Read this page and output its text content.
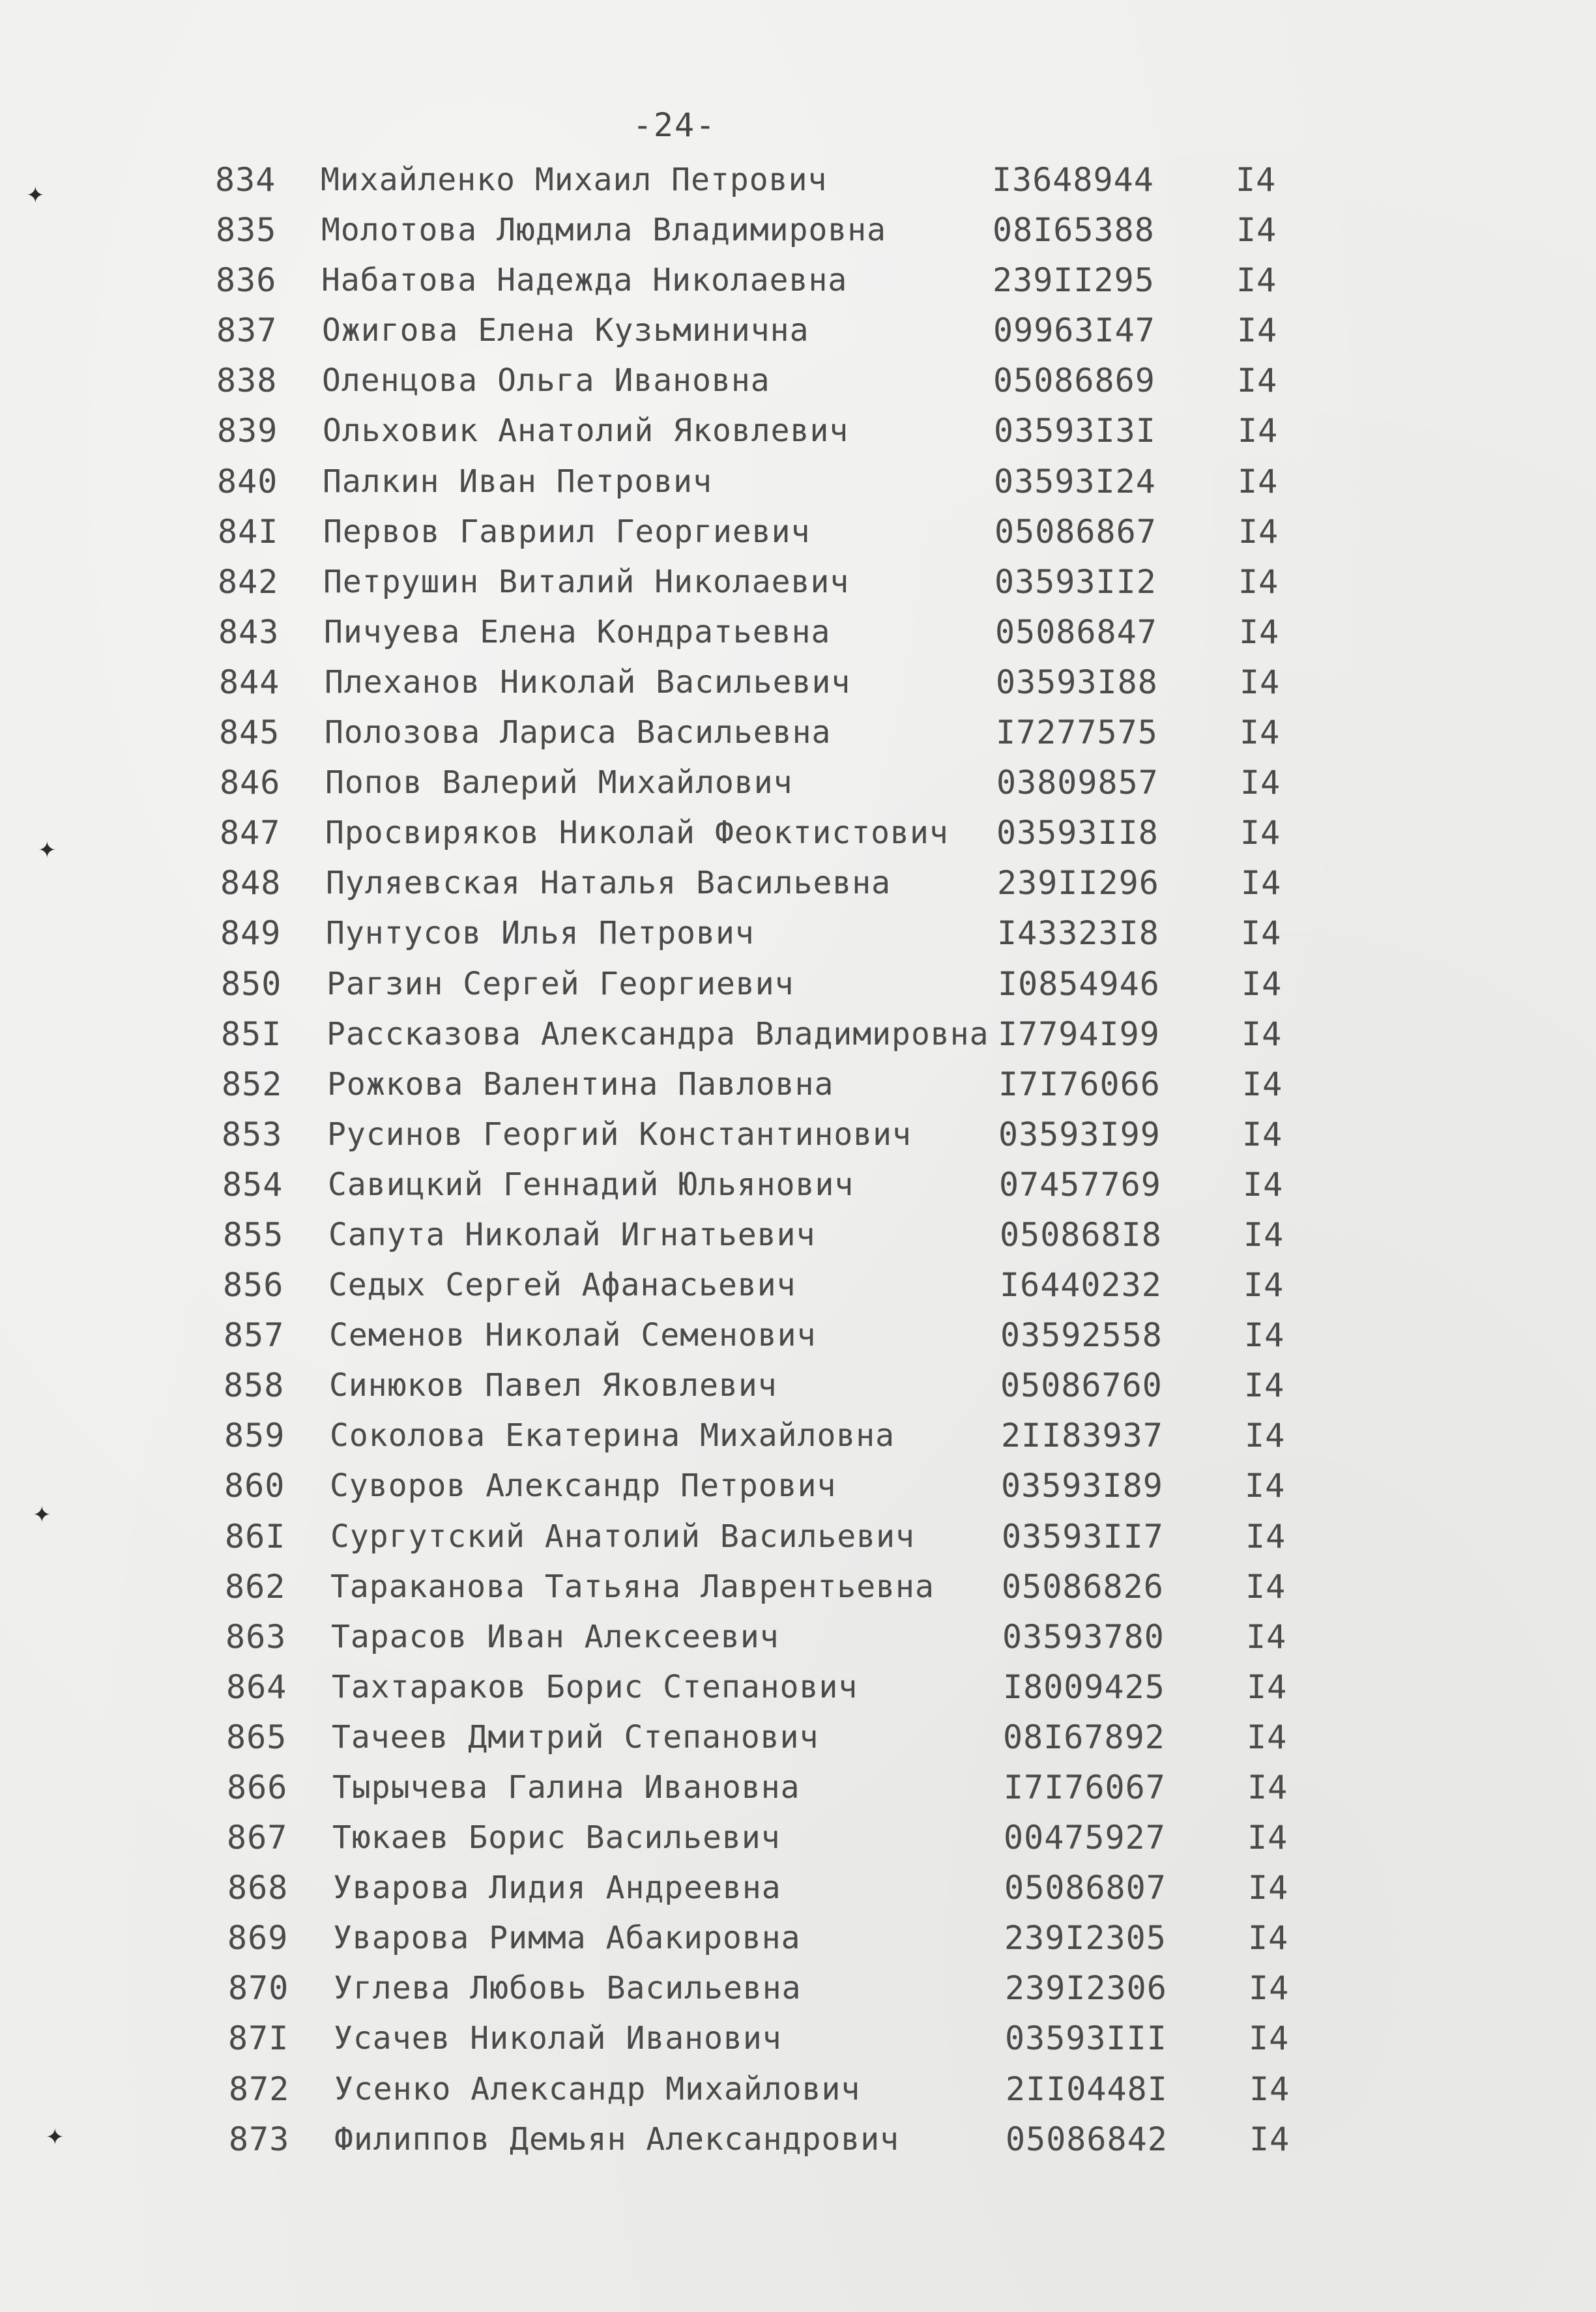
-24-
✦
✦
✦
✦
834 Михайленко Михаил Петрович	I3648944	I4
835 Молотова Людмила Владимировна	08I65388	I4
836 Набатова Надежда Николаевна	239II295	I4
837 Ожигова Елена Кузьминична	09963I47	I4
838 Оленцова Ольга Ивановна	05086869	I4
839 Ольховик Анатолий Яковлевич	03593I3I	I4
840 Палкин Иван Петрович	03593I24	I4
84I Первов Гавриил Георгиевич	05086867	I4
842 Петрушин Виталий Николаевич	03593II2	I4
843 Пичуева Елена Кондратьевна	05086847	I4
844 Плеханов Николай Васильевич	03593I88	I4
845 Полозова Лариса Васильевна	I7277575	I4
846 Попов Валерий Михайлович	03809857	I4
847 Просвиряков Николай Феоктистович 03593II8	I4
848 Пуляевская Наталья Васильевна	239II296	I4
849 Пунтусов Илья Петрович	I43323I8	I4
850 Рагзин Сергей Георгиевич	I0854946	I4
85I Рассказова Александра Владимировна I7794I99	I4
852 Рожкова Валентина Павловна	I7I76066	I4
853 Русинов Георгий Константинович	03593I99	I4
854 Савицкий Геннадий Юльянович	07457769	I4
855 Сапута Николай Игнатьевич	050868I8	I4
856 Седых Сергей Афанасьевич	I6440232	I4
857 Семенов Николай Семенович	03592558	I4
858 Синюков Павел Яковлевич	05086760	I4
859 Соколова Екатерина Михайловна	2II83937	I4
860 Суворов Александр Петрович	03593I89	I4
86I Сургутский Анатолий Васильевич	03593II7	I4
862 Тараканова Татьяна Лаврентьевна 05086826	I4
863 Тарасов Иван Алексеевич	03593780	I4
864 Тахтараков Борис Степанович	I8009425	I4
865 Тачеев Дмитрий Степанович	08I67892	I4
866 Тырычева Галина Ивановна	I7I76067	I4
867 Тюкаев Борис Васильевич	00475927	I4
868 Уварова Лидия Андреевна	05086807	I4
869 Уварова Римма Абакировна	239I2305	I4
870 Углева Любовь Васильевна	239I2306	I4
87I Усачев Николай Иванович	03593III	I4
872 Усенко Александр Михайлович	2II0448I	I4
873 Филиппов Демьян Александрович	05086842	I4
